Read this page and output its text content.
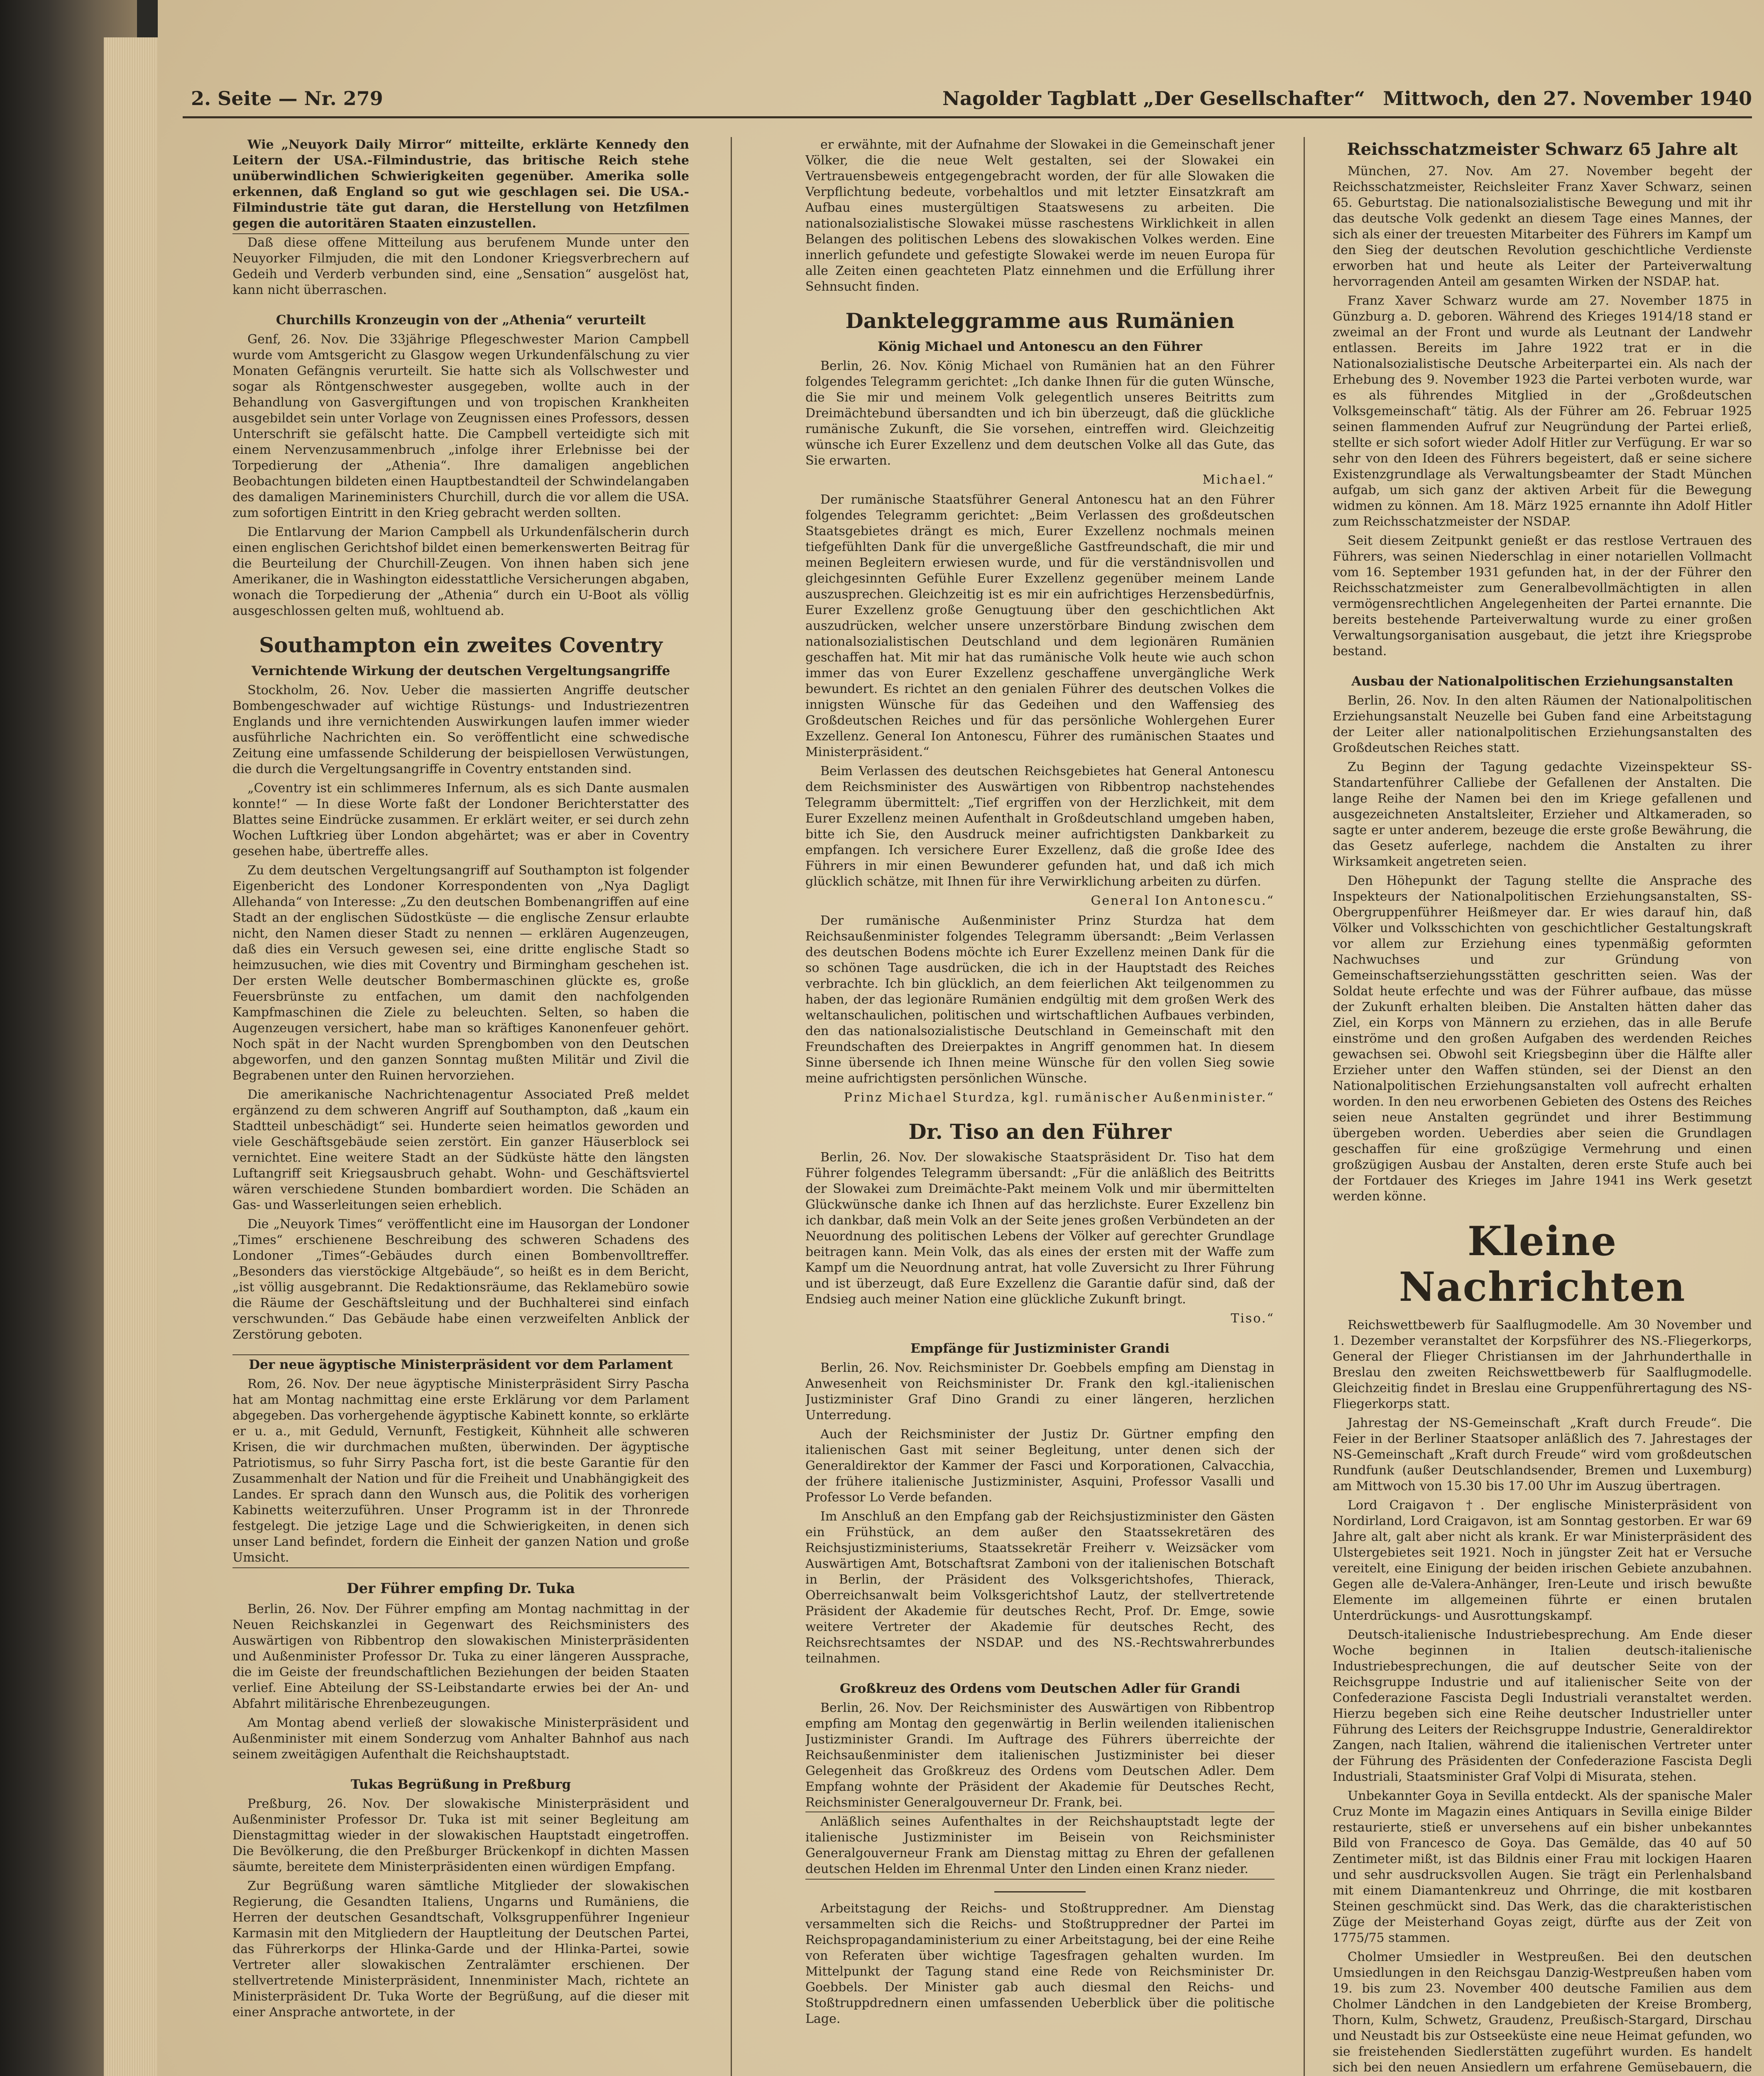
2. Seite — Nr. 279	Nagolder Tagblatt „Der Gesellschafter“ Mittwoch, den 27. November 1940

Wie „Neuyork Daily Mirror“ mitteilte, erklärte Kennedy den Leitern der USA.-Filmindustrie, das britische Reich stehe unüberwindlichen Schwierigkeiten gegenüber. Amerika solle erkennen, daß England so gut wie geschlagen sei. Die USA.-Filmindustrie täte gut daran, die Herstellung von Hetzfilmen gegen die autoritären Staaten einzustellen.

Daß diese offene Mitteilung aus berufenem Munde unter den Neuyorker Filmjuden, die mit den Londoner Kriegsverbrechern auf Gedeih und Verderb verbunden sind, eine „Sensation“ ausgelöst hat, kann nicht überraschen.

Churchills Kronzeugin von der „Athenia“ verurteilt

Genf, 26. Nov. Die 33jährige Pflegeschwester Marion Campbell wurde vom Amtsgericht zu Glasgow wegen Urkundenfälschung zu vier Monaten Gefängnis verurteilt. Sie hatte sich als Vollschwester und sogar als Röntgenschwester ausgegeben, wollte auch in der Behandlung von Gasvergiftungen und von tropischen Krankheiten ausgebildet sein unter Vorlage von Zeugnissen eines Professors, dessen Unterschrift sie gefälscht hatte. Die Campbell verteidigte sich mit einem Nervenzusammenbruch „infolge ihrer Erlebnisse bei der Torpedierung der „Athenia“. Ihre damaligen angeblichen Beobachtungen bildeten einen Hauptbestandteil der Schwindelangaben des damaligen Marineministers Churchill, durch die vor allem die USA. zum sofortigen Eintritt in den Krieg gebracht werden sollten.

Die Entlarvung der Marion Campbell als Urkundenfälscherin durch einen englischen Gerichtshof bildet einen bemerkenswerten Beitrag für die Beurteilung der Churchill-Zeugen. Von ihnen haben sich jene Amerikaner, die in Washington eidesstattliche Versicherungen abgaben, wonach die Torpedierung der „Athenia“ durch ein U-Boot als völlig ausgeschlossen gelten muß, wohltuend ab.

Southampton ein zweites Coventry
Vernichtende Wirkung der deutschen Vergeltungsangriffe

Stockholm, 26. Nov. Ueber die massierten Angriffe deutscher Bombengeschwader auf wichtige Rüstungs- und Industriezentren Englands und ihre vernichtenden Auswirkungen laufen immer wieder ausführliche Nachrichten ein. So veröffentlicht eine schwedische Zeitung eine umfassende Schilderung der beispiellosen Verwüstungen, die durch die Vergeltungsangriffe in Coventry entstanden sind.

„Coventry ist ein schlimmeres Infernum, als es sich Dante ausmalen konnte!“ — In diese Worte faßt der Londoner Berichterstatter des Blattes seine Eindrücke zusammen. Er erklärt weiter, er sei durch zehn Wochen Luftkrieg über London abgehärtet; was er aber in Coventry gesehen habe, übertreffe alles.

Zu dem deutschen Vergeltungsangriff auf Southampton ist folgender Eigenbericht des Londoner Korrespondenten von „Nya Dagligt Allehanda“ von Interesse: „Zu den deutschen Bombenangriffen auf eine Stadt an der englischen Südostküste — die englische Zensur erlaubte nicht, den Namen dieser Stadt zu nennen — erklären Augenzeugen, daß dies ein Versuch gewesen sei, eine dritte englische Stadt so heimzusuchen, wie dies mit Coventry und Birmingham geschehen ist. Der ersten Welle deutscher Bombermaschinen glückte es, große Feuersbrünste zu entfachen, um damit den nachfolgenden Kampfmaschinen die Ziele zu beleuchten. Selten, so haben die Augenzeugen versichert, habe man so kräftiges Kanonenfeuer gehört. Noch spät in der Nacht wurden Sprengbomben von den Deutschen abgeworfen, und den ganzen Sonntag mußten Militär und Zivil die Begrabenen unter den Ruinen hervorziehen.

Die amerikanische Nachrichtenagentur Associated Preß meldet ergänzend zu dem schweren Angriff auf Southampton, daß „kaum ein Stadtteil unbeschädigt“ sei. Hunderte seien heimatlos geworden und viele Geschäftsgebäude seien zerstört. Ein ganzer Häuserblock sei vernichtet. Eine weitere Stadt an der Südküste hätte den längsten Luftangriff seit Kriegsausbruch gehabt. Wohn- und Geschäftsviertel wären verschiedene Stunden bombardiert worden. Die Schäden an Gas- und Wasserleitungen seien erheblich.

Die „Neuyork Times“ veröffentlicht eine im Hausorgan der Londoner „Times“ erschienene Beschreibung des schweren Schadens des Londoner „Times“-Gebäudes durch einen Bombenvolltreffer. „Besonders das vierstöckige Altgebäude“, so heißt es in dem Bericht, „ist völlig ausgebrannt. Die Redaktionsräume, das Reklamebüro sowie die Räume der Geschäftsleitung und der Buchhalterei sind einfach verschwunden.“ Das Gebäude habe einen verzweifelten Anblick der Zerstörung geboten.

Der neue ägyptische Ministerpräsident vor dem Parlament

Rom, 26. Nov. Der neue ägyptische Ministerpräsident Sirry Pascha hat am Montag nachmittag eine erste Erklärung vor dem Parlament abgegeben. Das vorhergehende ägyptische Kabinett konnte, so erklärte er u. a., mit Geduld, Vernunft, Festigkeit, Kühnheit alle schweren Krisen, die wir durchmachen mußten, überwinden. Der ägyptische Patriotismus, so fuhr Sirry Pascha fort, ist die beste Garantie für den Zusammenhalt der Nation und für die Freiheit und Unabhängigkeit des Landes. Er sprach dann den Wunsch aus, die Politik des vorherigen Kabinetts weiterzuführen. Unser Programm ist in der Thronrede festgelegt. Die jetzige Lage und die Schwierigkeiten, in denen sich unser Land befindet, fordern die Einheit der ganzen Nation und große Umsicht.

Der Führer empfing Dr. Tuka

Berlin, 26. Nov. Der Führer empfing am Montag nachmittag in der Neuen Reichskanzlei in Gegenwart des Reichsministers des Auswärtigen von Ribbentrop den slowakischen Ministerpräsidenten und Außenminister Professor Dr. Tuka zu einer längeren Aussprache, die im Geiste der freundschaftlichen Beziehungen der beiden Staaten verlief. Eine Abteilung der SS-Leibstandarte erwies bei der An- und Abfahrt militärische Ehrenbezeugungen.

Am Montag abend verließ der slowakische Ministerpräsident und Außenminister mit einem Sonderzug vom Anhalter Bahnhof aus nach seinem zweitägigen Aufenthalt die Reichshauptstadt.

Tukas Begrüßung in Preßburg

Preßburg, 26. Nov. Der slowakische Ministerpräsident und Außenminister Professor Dr. Tuka ist mit seiner Begleitung am Dienstagmittag wieder in der slowakischen Hauptstadt eingetroffen. Die Bevölkerung, die den Preßburger Brückenkopf in dichten Massen säumte, bereitete dem Ministerpräsidenten einen würdigen Empfang.

Zur Begrüßung waren sämtliche Mitglieder der slowakischen Regierung, die Gesandten Italiens, Ungarns und Rumäniens, die Herren der deutschen Gesandtschaft, Volksgruppenführer Ingenieur Karmasin mit den Mitgliedern der Hauptleitung der Deutschen Partei, das Führerkorps der Hlinka-Garde und der Hlinka-Partei, sowie Vertreter aller slowakischen Zentralämter erschienen. Der stellvertretende Ministerpräsident, Innenminister Mach, richtete an Ministerpräsident Dr. Tuka Worte der Begrüßung, auf die dieser mit einer Ansprache antwortete, in der

er erwähnte, mit der Aufnahme der Slowakei in die Gemeinschaft jener Völker, die die neue Welt gestalten, sei der Slowakei ein Vertrauensbeweis entgegengebracht worden, der für alle Slowaken die Verpflichtung bedeute, vorbehaltlos und mit letzter Einsatzkraft am Aufbau eines mustergültigen Staatswesens zu arbeiten. Die nationalsozialistische Slowakei müsse raschestens Wirklichkeit in allen Belangen des politischen Lebens des slowakischen Volkes werden. Eine innerlich gefundete und gefestigte Slowakei werde im neuen Europa für alle Zeiten einen geachteten Platz einnehmen und die Erfüllung ihrer Sehnsucht finden.

Dankteleggramme aus Rumänien
König Michael und Antonescu an den Führer

Berlin, 26. Nov. König Michael von Rumänien hat an den Führer folgendes Telegramm gerichtet: „Ich danke Ihnen für die guten Wünsche, die Sie mir und meinem Volk gelegentlich unseres Beitritts zum Dreimächtebund übersandten und ich bin überzeugt, daß die glückliche rumänische Zukunft, die Sie vorsehen, eintreffen wird. Gleichzeitig wünsche ich Eurer Exzellenz und dem deutschen Volke all das Gute, das Sie erwarten.

Michael.“

Der rumänische Staatsführer General Antonescu hat an den Führer folgendes Telegramm gerichtet: „Beim Verlassen des großdeutschen Staatsgebietes drängt es mich, Eurer Exzellenz nochmals meinen tiefgefühlten Dank für die unvergeßliche Gastfreundschaft, die mir und meinen Begleitern erwiesen wurde, und für die verständnisvollen und gleichgesinnten Gefühle Eurer Exzellenz gegenüber meinem Lande auszusprechen. Gleichzeitig ist es mir ein aufrichtiges Herzensbedürfnis, Eurer Exzellenz große Genugtuung über den geschichtlichen Akt auszudrücken, welcher unsere unzerstörbare Bindung zwischen dem nationalsozialistischen Deutschland und dem legionären Rumänien geschaffen hat. Mit mir hat das rumänische Volk heute wie auch schon immer das von Eurer Exzellenz geschaffene unvergängliche Werk bewundert. Es richtet an den genialen Führer des deutschen Volkes die innigsten Wünsche für das Gedeihen und den Waffensieg des Großdeutschen Reiches und für das persönliche Wohlergehen Eurer Exzellenz. General Ion Antonescu, Führer des rumänischen Staates und Ministerpräsident.“

Beim Verlassen des deutschen Reichsgebietes hat General Antonescu dem Reichsminister des Auswärtigen von Ribbentrop nachstehendes Telegramm übermittelt: „Tief ergriffen von der Herzlichkeit, mit dem Eurer Exzellenz meinen Aufenthalt in Großdeutschland umgeben haben, bitte ich Sie, den Ausdruck meiner aufrichtigsten Dankbarkeit zu empfangen. Ich versichere Eurer Exzellenz, daß die große Idee des Führers in mir einen Bewunderer gefunden hat, und daß ich mich glücklich schätze, mit Ihnen für ihre Verwirklichung arbeiten zu dürfen.

General Ion Antonescu.“

Der rumänische Außenminister Prinz Sturdza hat dem Reichsaußenminister folgendes Telegramm übersandt: „Beim Verlassen des deutschen Bodens möchte ich Eurer Exzellenz meinen Dank für die so schönen Tage ausdrücken, die ich in der Hauptstadt des Reiches verbrachte. Ich bin glücklich, an dem feierlichen Akt teilgenommen zu haben, der das legionäre Rumänien endgültig mit dem großen Werk des weltanschaulichen, politischen und wirtschaftlichen Aufbaues verbinden, den das nationalsozialistische Deutschland in Gemeinschaft mit den Freundschaften des Dreierpaktes in Angriff genommen hat. In diesem Sinne übersende ich Ihnen meine Wünsche für den vollen Sieg sowie meine aufrichtigsten persönlichen Wünsche.

Prinz Michael Sturdza, kgl. rumänischer Außenminister.“

Dr. Tiso an den Führer

Berlin, 26. Nov. Der slowakische Staatspräsident Dr. Tiso hat dem Führer folgendes Telegramm übersandt: „Für die anläßlich des Beitritts der Slowakei zum Dreimächte-Pakt meinem Volk und mir übermittelten Glückwünsche danke ich Ihnen auf das herzlichste. Eurer Exzellenz bin ich dankbar, daß mein Volk an der Seite jenes großen Verbündeten an der Neuordnung des politischen Lebens der Völker auf gerechter Grundlage beitragen kann. Mein Volk, das als eines der ersten mit der Waffe zum Kampf um die Neuordnung antrat, hat volle Zuversicht zu Ihrer Führung und ist überzeugt, daß Eure Exzellenz die Garantie dafür sind, daß der Endsieg auch meiner Nation eine glückliche Zukunft bringt.

Tiso.“

Empfänge für Justizminister Grandi

Berlin, 26. Nov. Reichsminister Dr. Goebbels empfing am Dienstag in Anwesenheit von Reichsminister Dr. Frank den kgl.-italienischen Justizminister Graf Dino Grandi zu einer längeren, herzlichen Unterredung.

Auch der Reichsminister der Justiz Dr. Gürtner empfing den italienischen Gast mit seiner Begleitung, unter denen sich der Generaldirektor der Kammer der Fasci und Korporationen, Calvacchia, der frühere italienische Justizminister, Asquini, Professor Vasalli und Professor Lo Verde befanden.

Im Anschluß an den Empfang gab der Reichsjustizminister den Gästen ein Frühstück, an dem außer den Staatssekretären des Reichsjustizministeriums, Staatssekretär Freiherr v. Weizsäcker vom Auswärtigen Amt, Botschaftsrat Zamboni von der italienischen Botschaft in Berlin, der Präsident des Volksgerichtshofes, Thierack, Oberreichsanwalt beim Volksgerichtshof Lautz, der stellvertretende Präsident der Akademie für deutsches Recht, Prof. Dr. Emge, sowie weitere Vertreter der Akademie für deutsches Recht, des Reichsrechtsamtes der NSDAP. und des NS.-Rechtswahrerbundes teilnahmen.

Großkreuz des Ordens vom Deutschen Adler für Grandi

Berlin, 26. Nov. Der Reichsminister des Auswärtigen von Ribbentrop empfing am Montag den gegenwärtig in Berlin weilenden italienischen Justizminister Grandi. Im Auftrage des Führers überreichte der Reichsaußenminister dem italienischen Justizminister bei dieser Gelegenheit das Großkreuz des Ordens vom Deutschen Adler. Dem Empfang wohnte der Präsident der Akademie für Deutsches Recht, Reichsminister Generalgouverneur Dr. Frank, bei.

Anläßlich seines Aufenthaltes in der Reichshauptstadt legte der italienische Justizminister im Beisein von Reichsminister Generalgouverneur Frank am Dienstag mittag zu Ehren der gefallenen deutschen Helden im Ehrenmal Unter den Linden einen Kranz nieder.

Arbeitstagung der Reichs- und Stoßtruppredner. Am Dienstag versammelten sich die Reichs- und Stoßtruppredner der Partei im Reichspropagandaministerium zu einer Arbeitstagung, bei der eine Reihe von Referaten über wichtige Tagesfragen gehalten wurden. Im Mittelpunkt der Tagung stand eine Rede von Reichsminister Dr. Goebbels. Der Minister gab auch diesmal den Reichs- und Stoßtruppdrednern einen umfassenden Ueberblick über die politische Lage.

Reichsschatzmeister Schwarz 65 Jahre alt

München, 27. Nov. Am 27. November begeht der Reichsschatzmeister, Reichsleiter Franz Xaver Schwarz, seinen 65. Geburtstag. Die nationalsozialistische Bewegung und mit ihr das deutsche Volk gedenkt an diesem Tage eines Mannes, der sich als einer der treuesten Mitarbeiter des Führers im Kampf um den Sieg der deutschen Revolution geschichtliche Verdienste erworben hat und heute als Leiter der Parteiverwaltung hervorragenden Anteil am gesamten Wirken der NSDAP. hat.

Franz Xaver Schwarz wurde am 27. November 1875 in Günzburg a. D. geboren. Während des Krieges 1914/18 stand er zweimal an der Front und wurde als Leutnant der Landwehr entlassen. Bereits im Jahre 1922 trat er in die Nationalsozialistische Deutsche Arbeiterpartei ein. Als nach der Erhebung des 9. November 1923 die Partei verboten wurde, war es als führendes Mitglied in der „Großdeutschen Volksgemeinschaft“ tätig. Als der Führer am 26. Februar 1925 seinen flammenden Aufruf zur Neugründung der Partei erließ, stellte er sich sofort wieder Adolf Hitler zur Verfügung. Er war so sehr von den Ideen des Führers begeistert, daß er seine sichere Existenzgrundlage als Verwaltungsbeamter der Stadt München aufgab, um sich ganz der aktiven Arbeit für die Bewegung widmen zu können. Am 18. März 1925 ernannte ihn Adolf Hitler zum Reichsschatzmeister der NSDAP.

Seit diesem Zeitpunkt genießt er das restlose Vertrauen des Führers, was seinen Niederschlag in einer notariellen Vollmacht vom 16. September 1931 gefunden hat, in der der Führer den Reichsschatzmeister zum Generalbevollmächtigten in allen vermögensrechtlichen Angelegenheiten der Partei ernannte. Die bereits bestehende Parteiverwaltung wurde zu einer großen Verwaltungsorganisation ausgebaut, die jetzt ihre Kriegsprobe bestand.

Ausbau der Nationalpolitischen Erziehungsanstalten

Berlin, 26. Nov. In den alten Räumen der Nationalpolitischen Erziehungsanstalt Neuzelle bei Guben fand eine Arbeitstagung der Leiter aller nationalpolitischen Erziehungsanstalten des Großdeutschen Reiches statt.

Zu Beginn der Tagung gedachte Vizeinspekteur SS-Standartenführer Calliebe der Gefallenen der Anstalten. Die lange Reihe der Namen bei den im Kriege gefallenen und ausgezeichneten Anstaltsleiter, Erzieher und Altkameraden, so sagte er unter anderem, bezeuge die erste große Bewährung, die das Gesetz auferlege, nachdem die Anstalten zu ihrer Wirksamkeit angetreten seien.

Den Höhepunkt der Tagung stellte die Ansprache des Inspekteurs der Nationalpolitischen Erziehungsanstalten, SS-Obergruppenführer Heißmeyer dar. Er wies darauf hin, daß Völker und Volksschichten von geschichtlicher Gestaltungskraft vor allem zur Erziehung eines typenmäßig geformten Nachwuchses und zur Gründung von Gemeinschaftserziehungsstätten geschritten seien. Was der Soldat heute erfechte und was der Führer aufbaue, das müsse der Zukunft erhalten bleiben. Die Anstalten hätten daher das Ziel, ein Korps von Männern zu erziehen, das in alle Berufe einströme und den großen Aufgaben des werdenden Reiches gewachsen sei. Obwohl seit Kriegsbeginn über die Hälfte aller Erzieher unter den Waffen stünden, sei der Dienst an den Nationalpolitischen Erziehungsanstalten voll aufrecht erhalten worden. In den neu erworbenen Gebieten des Ostens des Reiches seien neue Anstalten gegründet und ihrer Bestimmung übergeben worden. Ueberdies aber seien die Grundlagen geschaffen für eine großzügige Vermehrung und einen großzügigen Ausbau der Anstalten, deren erste Stufe auch bei der Fortdauer des Krieges im Jahre 1941 ins Werk gesetzt werden könne.

Kleine Nachrichten

Reichswettbewerb für Saalflugmodelle. Am 30 November und 1. Dezember veranstaltet der Korpsführer des NS.-Fliegerkorps, General der Flieger Christiansen im der Jahrhunderthalle in Breslau den zweiten Reichswettbewerb für Saalflugmodelle. Gleichzeitig findet in Breslau eine Gruppenführertagung des NS-Fliegerkorps statt.

Jahrestag der NS-Gemeinschaft „Kraft durch Freude“. Die Feier in der Berliner Staatsoper anläßlich des 7. Jahrestages der NS-Gemeinschaft „Kraft durch Freude“ wird vom großdeutschen Rundfunk (außer Deutschlandsender, Bremen und Luxemburg) am Mittwoch von 15.30 bis 17.00 Uhr im Auszug übertragen.

Lord Craigavon †. Der englische Ministerpräsident von Nordirland, Lord Craigavon, ist am Sonntag gestorben. Er war 69 Jahre alt, galt aber nicht als krank. Er war Ministerpräsident des Ulstergebietes seit 1921. Noch in jüngster Zeit hat er Versuche vereitelt, eine Einigung der beiden irischen Gebiete anzubahnen. Gegen alle de-Valera-Anhänger, Iren-Leute und irisch bewußte Elemente im allgemeinen führte er einen brutalen Unterdrückungs- und Ausrottungskampf.

Deutsch-italienische Industriebesprechung. Am Ende dieser Woche beginnen in Italien deutsch-italienische Industriebesprechungen, die auf deutscher Seite von der Reichsgruppe Industrie und auf italienischer Seite von der Confederazione Fascista Degli Industriali veranstaltet werden. Hierzu begeben sich eine Reihe deutscher Industrieller unter Führung des Leiters der Reichsgruppe Industrie, Generaldirektor Zangen, nach Italien, während die italienischen Vertreter unter der Führung des Präsidenten der Confederazione Fascista Degli Industriali, Staatsminister Graf Volpi di Misurata, stehen.

Unbekannter Goya in Sevilla entdeckt. Als der spanische Maler Cruz Monte im Magazin eines Antiquars in Sevilla einige Bilder restaurierte, stieß er unversehens auf ein bisher unbekanntes Bild von Francesco de Goya. Das Gemälde, das 40 auf 50 Zentimeter mißt, ist das Bildnis einer Frau mit lockigen Haaren und sehr ausdrucksvollen Augen. Sie trägt ein Perlenhalsband mit einem Diamantenkreuz und Ohrringe, die mit kostbaren Steinen geschmückt sind. Das Werk, das die charakteristischen Züge der Meisterhand Goyas zeigt, dürfte aus der Zeit von 1775/75 stammen.

Cholmer Umsiedler in Westpreußen. Bei den deutschen Umsiedlungen in den Reichsgau Danzig-Westpreußen haben vom 19. bis zum 23. November 400 deutsche Familien aus dem Cholmer Ländchen in den Landgebieten der Kreise Bromberg, Thorn, Kulm, Schwetz, Graudenz, Preußisch-Stargard, Dirschau und Neustadt bis zur Ostseeküste eine neue Heimat gefunden, wo sie freistehenden Siedlerstätten zugeführt wurden. Es handelt sich bei den neuen Ansiedlern um erfahrene Gemüsebauern, die
